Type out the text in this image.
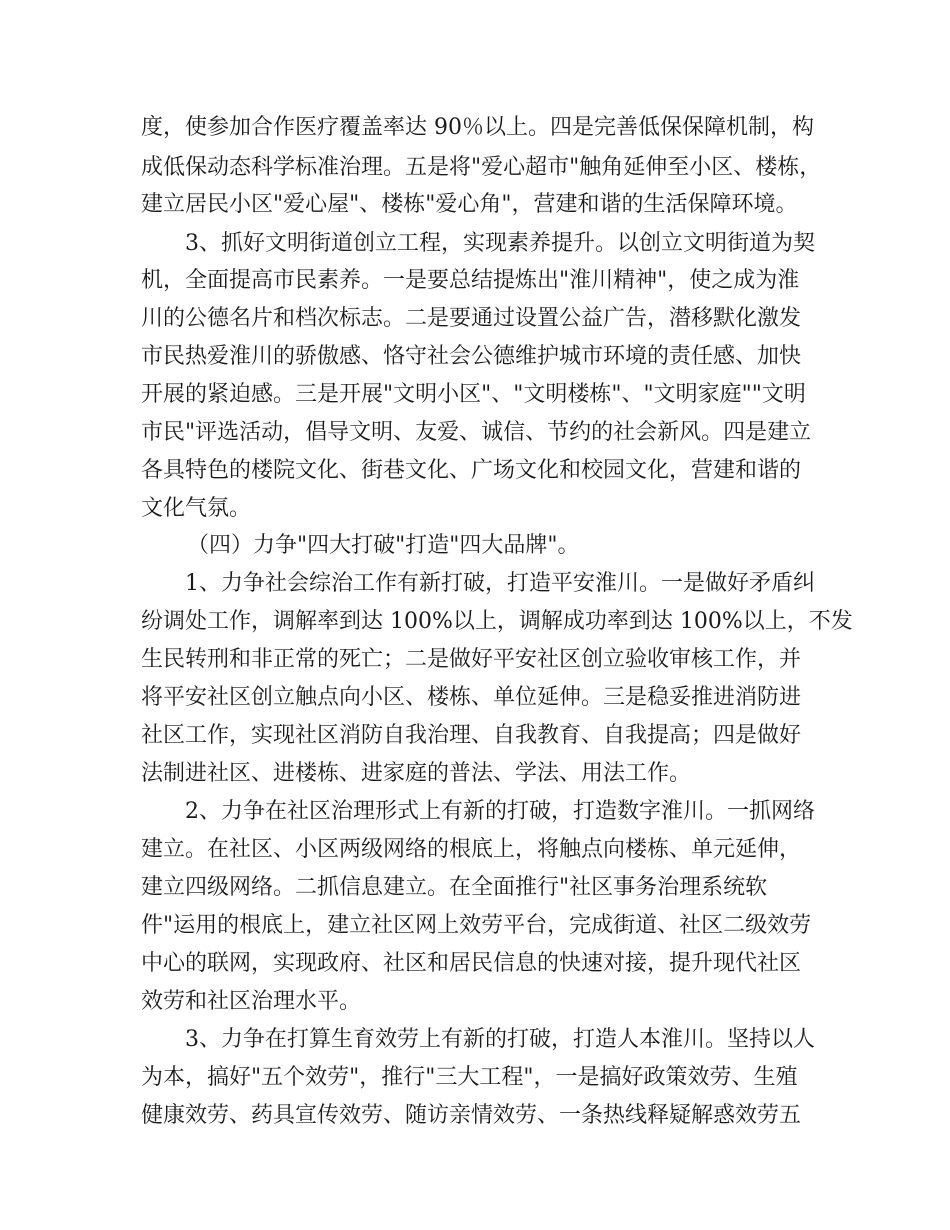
度，使参加合作医疗覆盖率达 90％以上。四是完善低保保障机制，构
成低保动态科学标准治理。五是将"爱心超市"触角延伸至小区、楼栋，
建立居民小区"爱心屋"、楼栋"爱心角"，营建和谐的生活保障环境。
3、抓好文明街道创立工程，实现素养提升。以创立文明街道为契
机，全面提高市民素养。一是要总结提炼出"淮川精神"，使之成为淮
川的公德名片和档次标志。二是要通过设置公益广告，潜移默化激发
市民热爱淮川的骄傲感、恪守社会公德维护城市环境的责任感、加快
开展的紧迫感。三是开展"文明小区"、"文明楼栋"、"文明家庭""文明
市民"评选活动，倡导文明、友爱、诚信、节约的社会新风。四是建立
各具特色的楼院文化、街巷文化、广场文化和校园文化，营建和谐的
文化气氛。
（四）力争"四大打破"打造"四大品牌"。
1、力争社会综治工作有新打破，打造平安淮川。一是做好矛盾纠
纷调处工作，调解率到达 100%以上，调解成功率到达 100%以上，不发
生民转刑和非正常的死亡；二是做好平安社区创立验收审核工作，并
将平安社区创立触点向小区、楼栋、单位延伸。三是稳妥推进消防进
社区工作，实现社区消防自我治理、自我教育、自我提高；四是做好
法制进社区、进楼栋、进家庭的普法、学法、用法工作。
2、力争在社区治理形式上有新的打破，打造数字淮川。一抓网络
建立。在社区、小区两级网络的根底上，将触点向楼栋、单元延伸，
建立四级网络。二抓信息建立。在全面推行"社区事务治理系统软
件"运用的根底上，建立社区网上效劳平台，完成街道、社区二级效劳
中心的联网，实现政府、社区和居民信息的快速对接，提升现代社区
效劳和社区治理水平。
3、力争在打算生育效劳上有新的打破，打造人本淮川。坚持以人
为本，搞好"五个效劳"，推行"三大工程"，一是搞好政策效劳、生殖
健康效劳、药具宣传效劳、随访亲情效劳、一条热线释疑解惑效劳五
